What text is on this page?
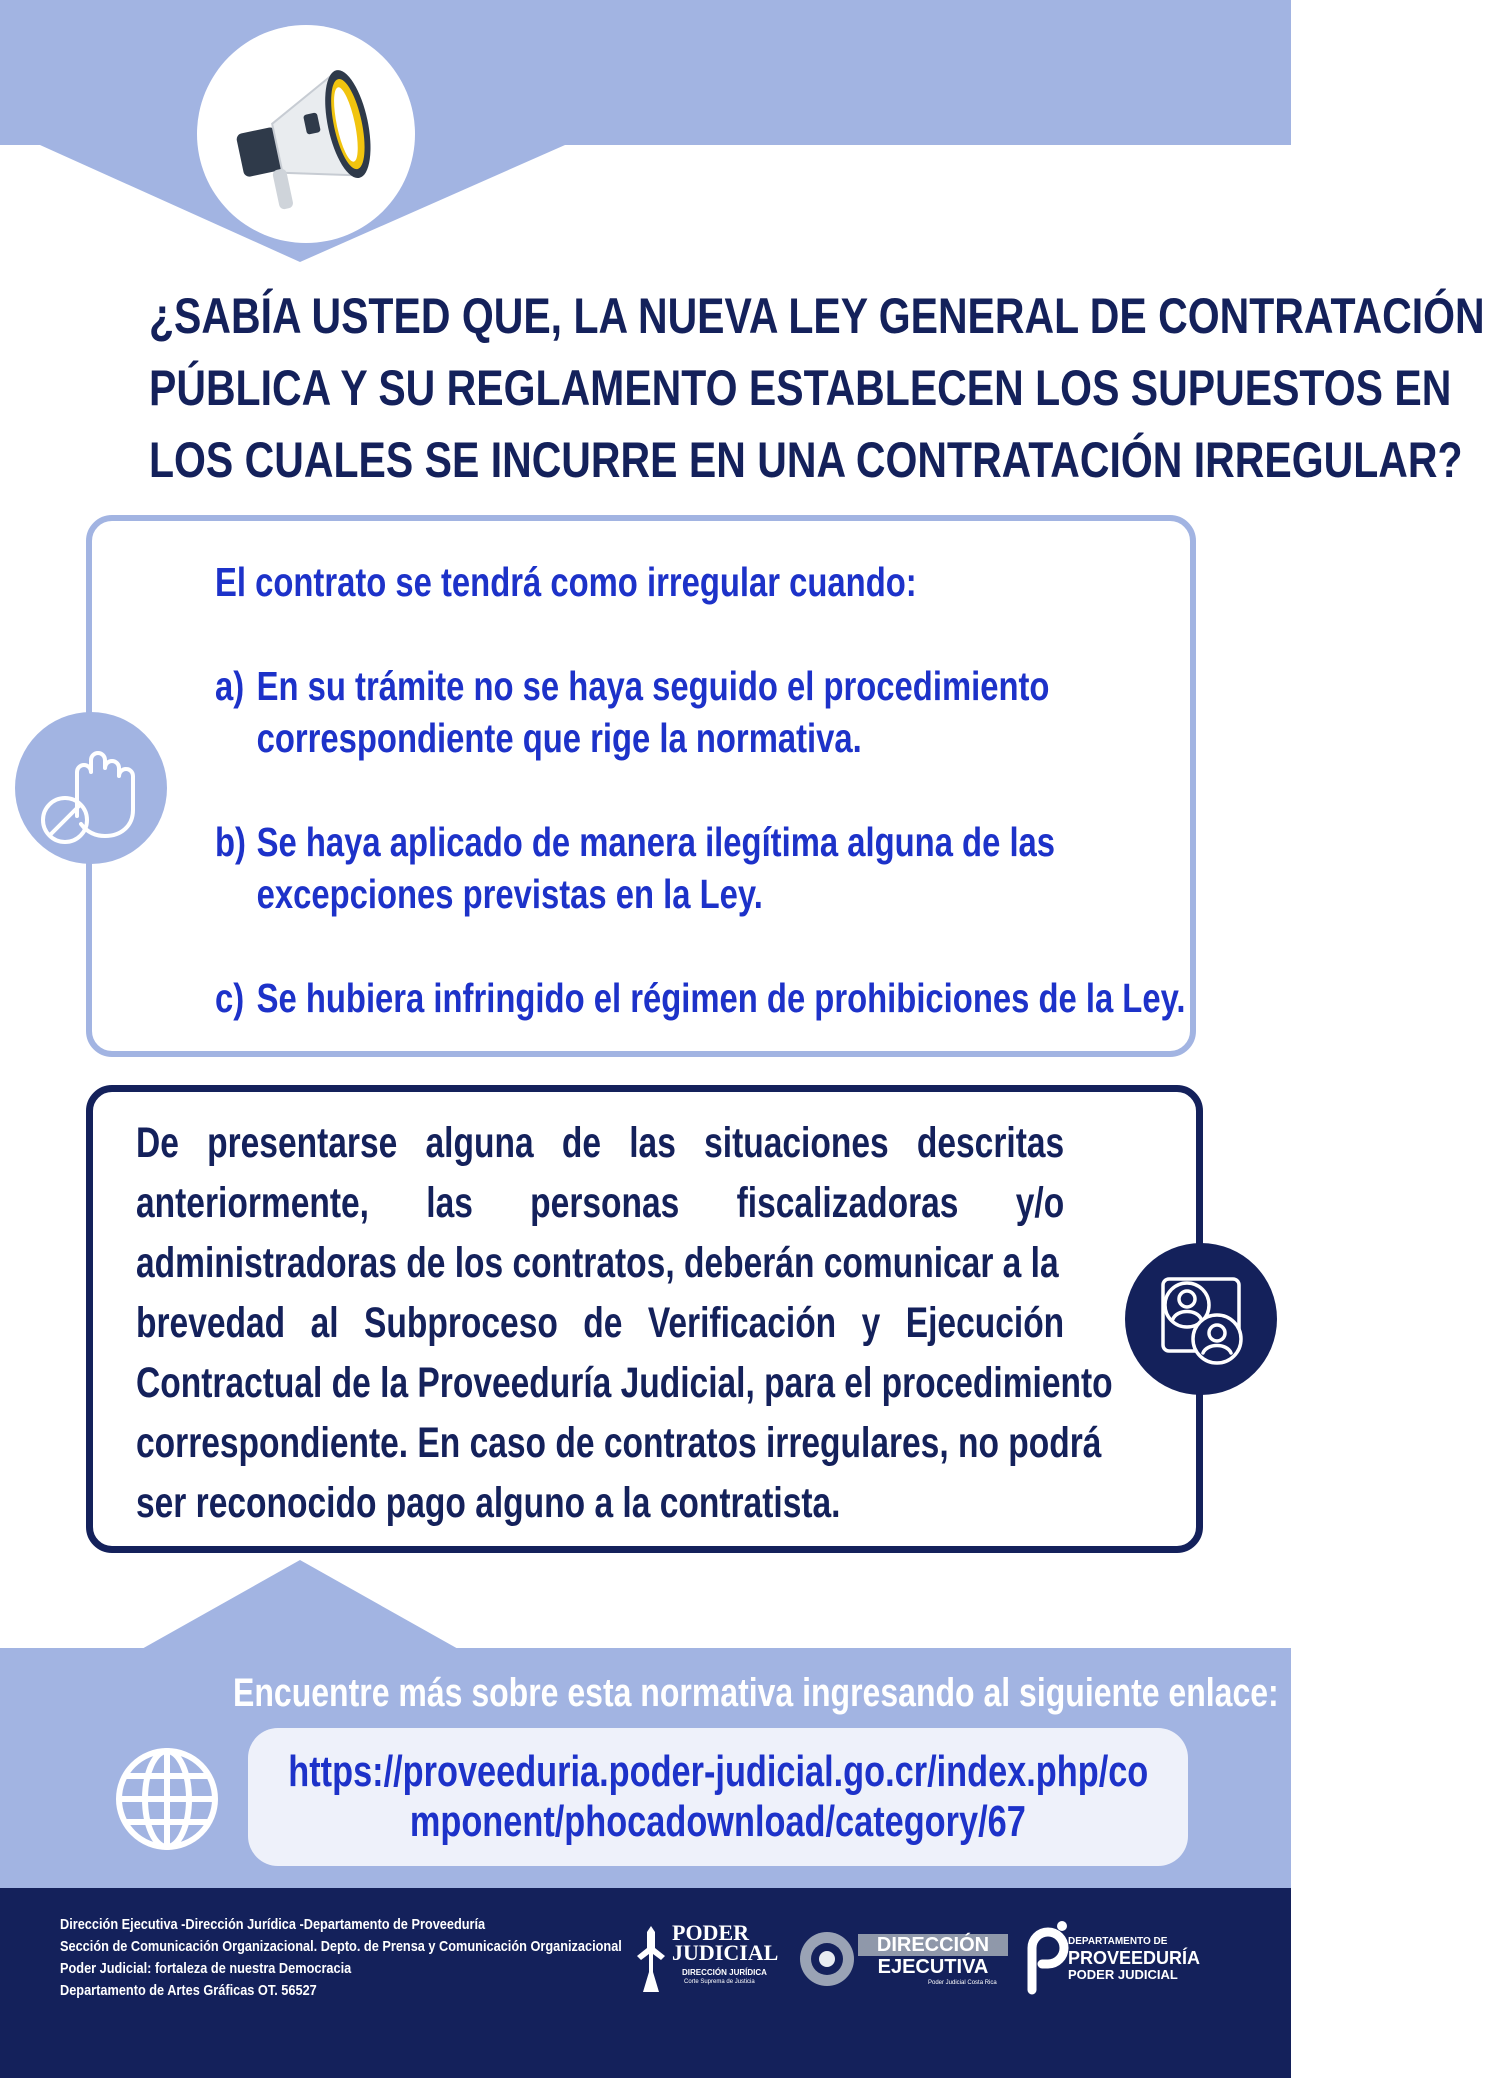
¿SABÍA USTED QUE, LA NUEVA LEY GENERAL DE CONTRATACIÓN
PÚBLICA Y SU REGLAMENTO ESTABLECEN LOS SUPUESTOS EN
LOS CUALES SE INCURRE EN UNA CONTRATACIÓN IRREGULAR?
El contrato se tendrá como irregular cuando:
a) En su trámite no se haya seguido el procedimiento
correspondiente que rige la normativa.
b) Se haya aplicado de manera ilegítima alguna de las
excepciones previstas en la Ley.
c) Se hubiera infringido el régimen de prohibiciones de la Ley.
De presentarse alguna de las situaciones descritas
anteriormente, las personas fiscalizadoras y/o
administradoras de los contratos, deberán comunicar a la
brevedad al Subproceso de Verificación y Ejecución
Contractual de la Proveeduría Judicial, para el procedimiento
correspondiente. En caso de contratos irregulares, no podrá
ser reconocido pago alguno a la contratista.
Encuentre más sobre esta normativa ingresando al siguiente enlace:
https://proveeduria.poder-judicial.go.cr/index.php/co
mponent/phocadownload/category/67
Dirección Ejecutiva -Dirección Jurídica -Departamento de Proveeduría
Sección de Comunicación Organizacional. Depto. de Prensa y Comunicación Organizacional
Poder Judicial: fortaleza de nuestra Democracia
Departamento de Artes Gráficas OT. 56527
PODER
JUDICIAL
DIRECCIÓN JURÍDICA
Corte Suprema de Justicia
DIRECCIÓN
EJECUTIVA
Poder Judicial Costa Rica
DEPARTAMENTO DE
PROVEEDURÍA
PODER JUDICIAL
